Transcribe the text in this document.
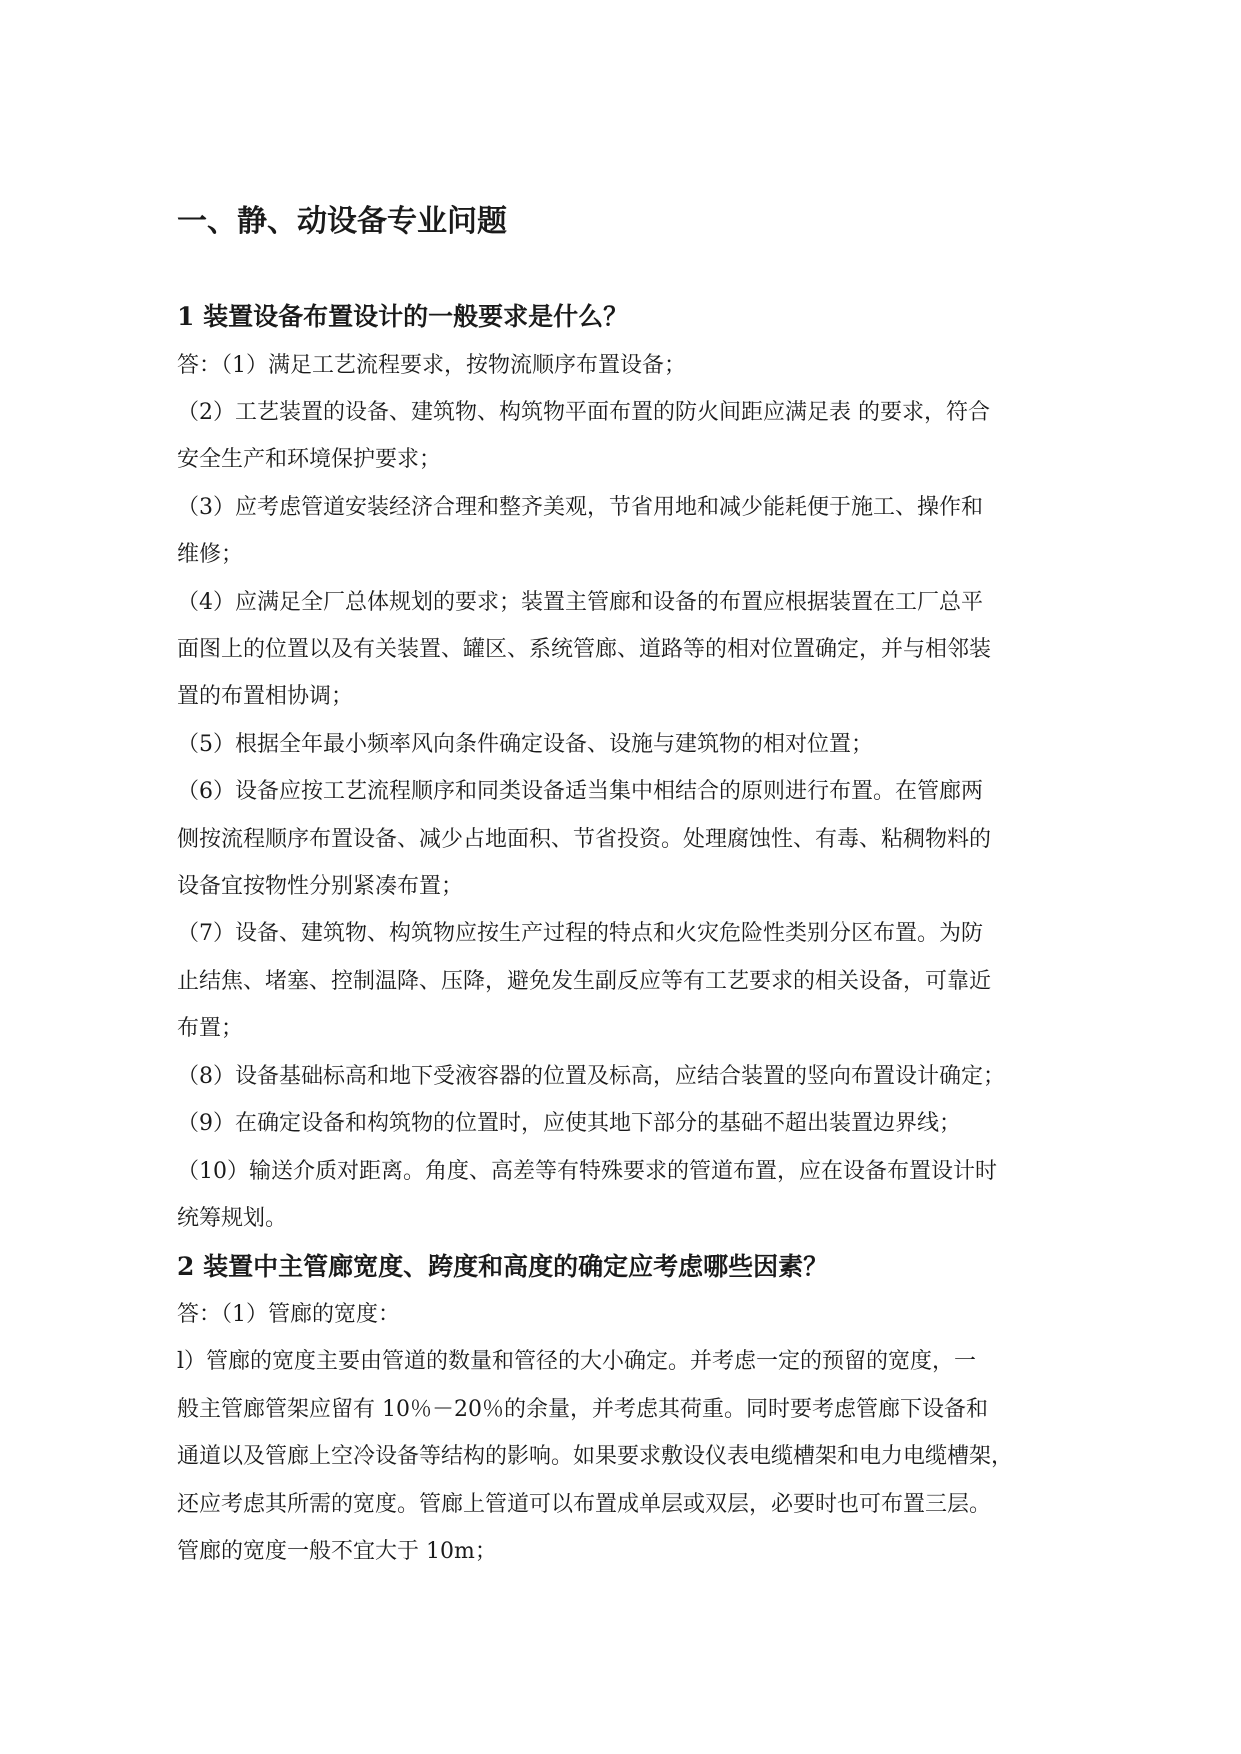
一、静、动设备专业问题
1 装置设备布置设计的一般要求是什么？

答：（1）满足工艺流程要求，按物流顺序布置设备；

（2）工艺装置的设备、建筑物、构筑物平面布置的防火间距应满足表 的要求，符合

安全生产和环境保护要求；

（3）应考虑管道安装经济合理和整齐美观，节省用地和减少能耗便于施工、操作和

维修；

（4）应满足全厂总体规划的要求；装置主管廊和设备的布置应根据装置在工厂总平

面图上的位置以及有关装置、罐区、系统管廊、道路等的相对位置确定，并与相邻装

置的布置相协调；

（5）根据全年最小频率风向条件确定设备、设施与建筑物的相对位置；

（6）设备应按工艺流程顺序和同类设备适当集中相结合的原则进行布置。在管廊两

侧按流程顺序布置设备、减少占地面积、节省投资。处理腐蚀性、有毒、粘稠物料的

设备宜按物性分别紧凑布置；

（7）设备、建筑物、构筑物应按生产过程的特点和火灾危险性类别分区布置。为防

止结焦、堵塞、控制温降、压降，避免发生副反应等有工艺要求的相关设备，可靠近

布置；

（8）设备基础标高和地下受液容器的位置及标高，应结合装置的竖向布置设计确定；

（9）在确定设备和构筑物的位置时，应使其地下部分的基础不超出装置边界线；

（10）输送介质对距离。角度、高差等有特殊要求的管道布置，应在设备布置设计时

统筹规划。

2 装置中主管廊宽度、跨度和高度的确定应考虑哪些因素？

答：（1）管廊的宽度：

l）管廊的宽度主要由管道的数量和管径的大小确定。并考虑一定的预留的宽度，一

般主管廊管架应留有 10％－20％的余量，并考虑其荷重。同时要考虑管廊下设备和

通道以及管廊上空冷设备等结构的影响。如果要求敷设仪表电缆槽架和电力电缆槽架，

还应考虑其所需的宽度。管廊上管道可以布置成单层或双层，必要时也可布置三层。

管廊的宽度一般不宜大于 10m；
